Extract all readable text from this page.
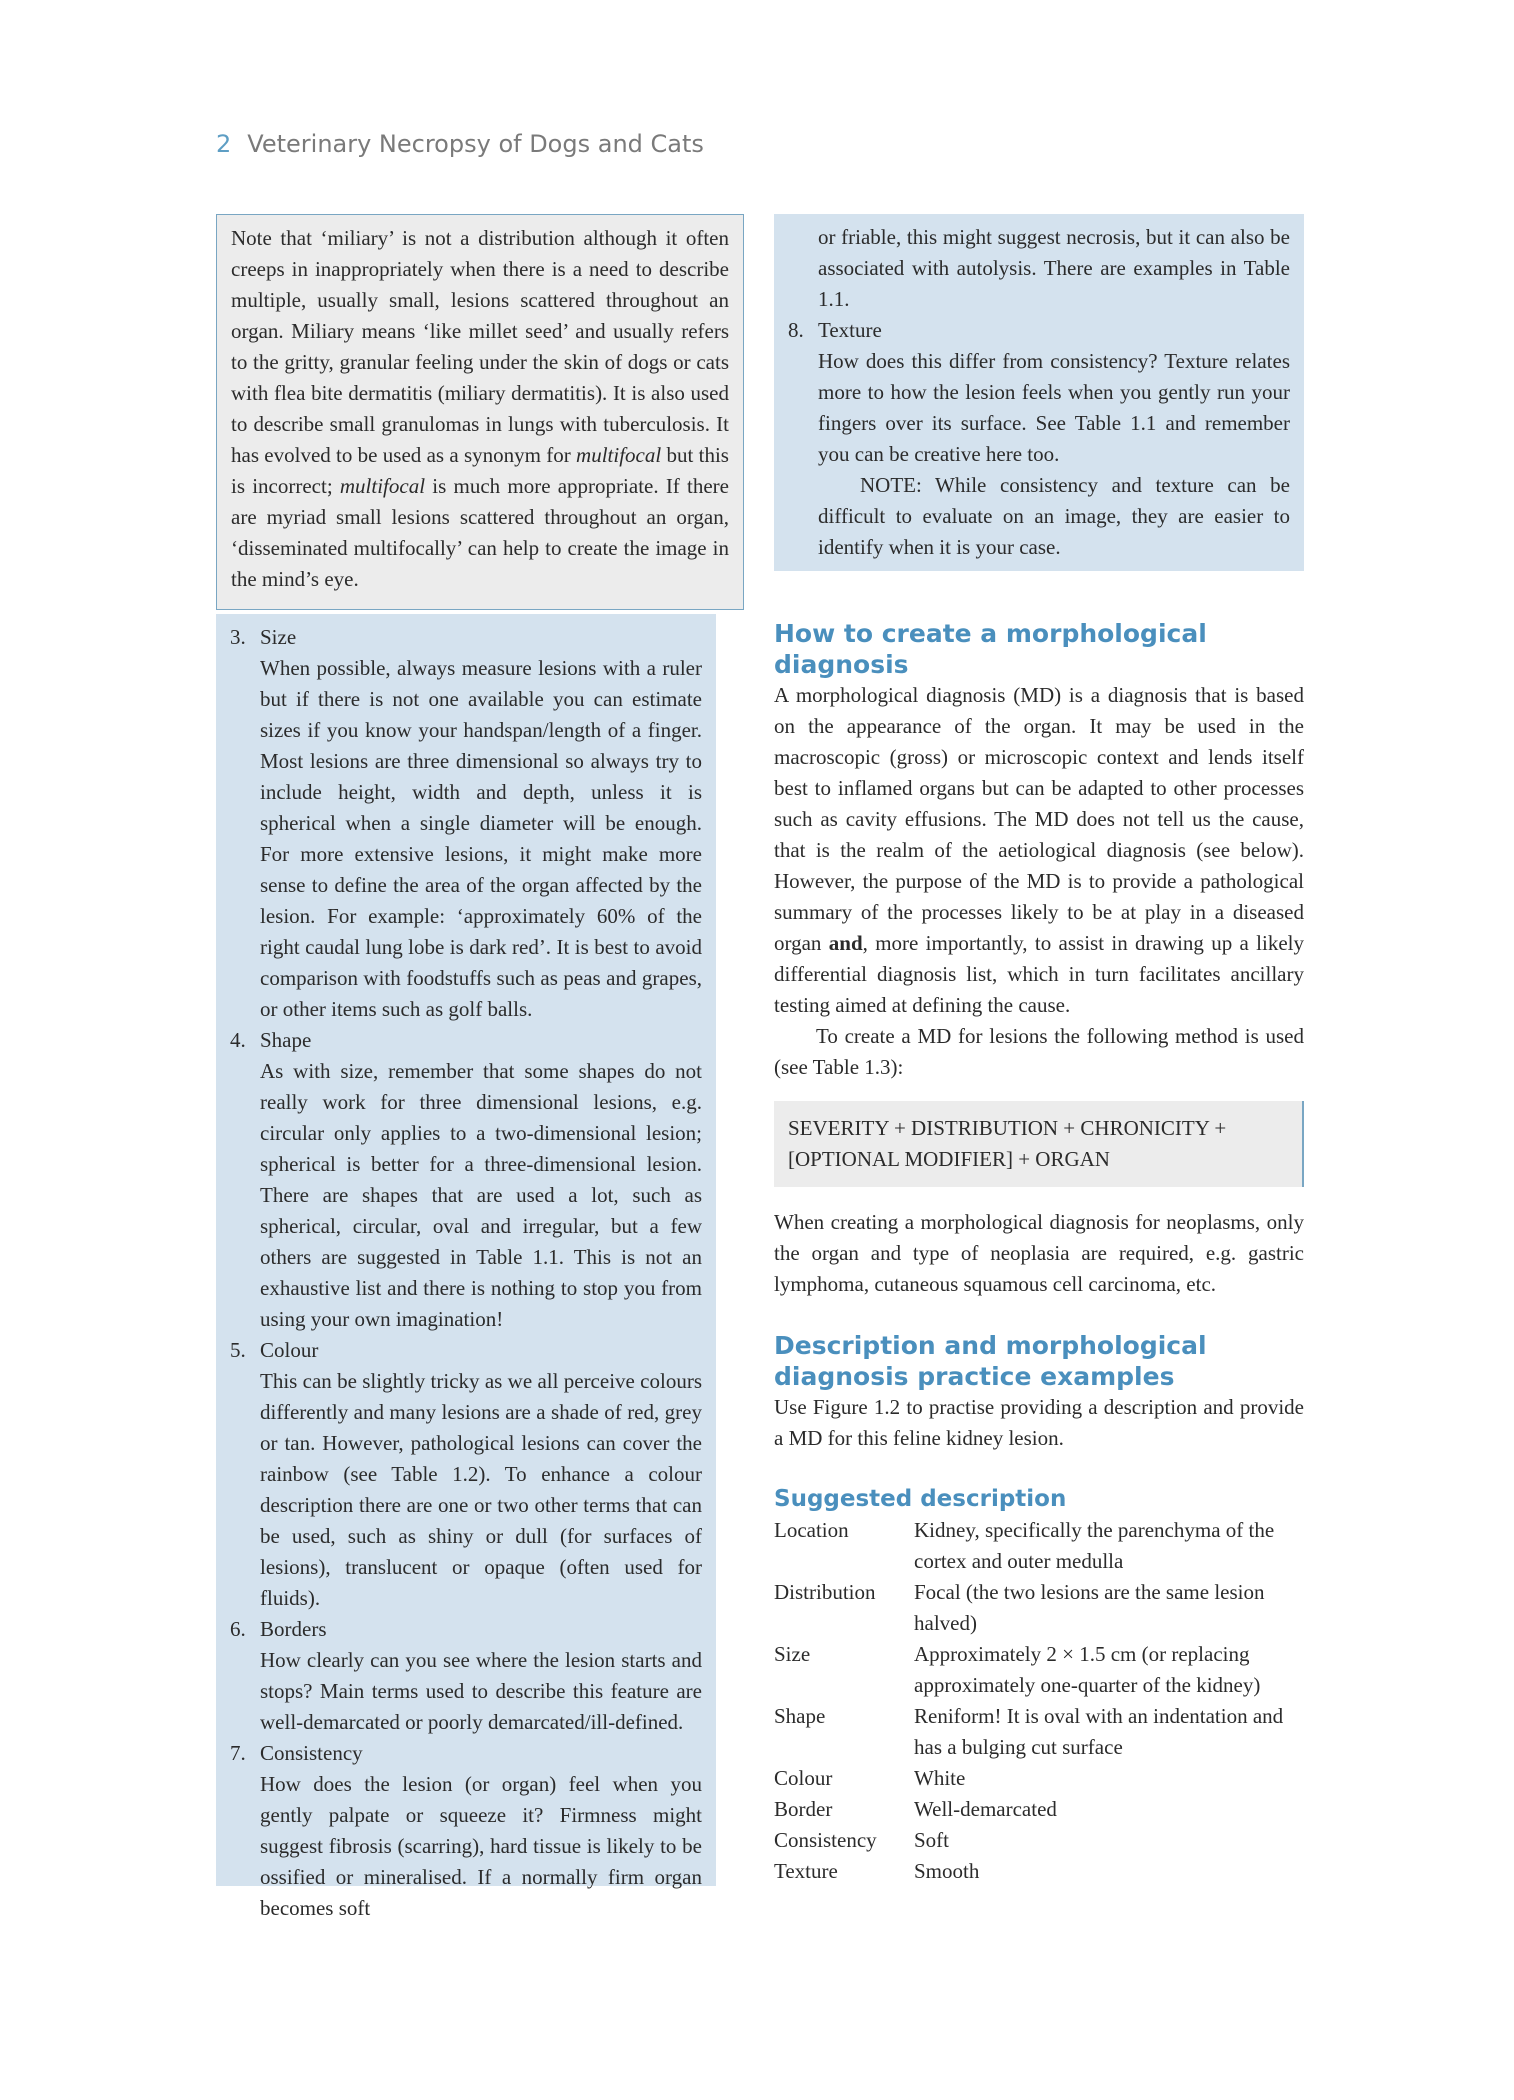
2 Veterinary Necropsy of Dogs and Cats

Note that ‘miliary’ is not a distribution although it often creeps in inappropriately when there is a need to describe multiple, usually small, lesions scattered throughout an organ. Miliary means ‘like millet seed’ and usually refers to the gritty, granular feeling under the skin of dogs or cats with flea bite dermatitis (miliary dermatitis). It is also used to describe small granulomas in lungs with tuberculosis. It has evolved to be used as a synonym for multifocal but this is incorrect; multifocal is much more appropriate. If there are myriad small lesions scattered throughout an organ, ‘disseminated multifocally’ can help to create the image in the mind’s eye.

3. Size

When possible, always measure lesions with a ruler but if there is not one available you can estimate sizes if you know your handspan/length of a finger. Most lesions are three dimensional so always try to include height, width and depth, unless it is spherical when a single diameter will be enough. For more extensive lesions, it might make more sense to define the area of the organ affected by the lesion. For example: ‘approximately 60% of the right caudal lung lobe is dark red’. It is best to avoid comparison with foodstuffs such as peas and grapes, or other items such as golf balls.

4. Shape

As with size, remember that some shapes do not really work for three dimensional lesions, e.g. circular only applies to a two-dimensional lesion; spherical is better for a three-dimensional lesion. There are shapes that are used a lot, such as spherical, circular, oval and irregular, but a few others are suggested in Table 1.1. This is not an exhaustive list and there is nothing to stop you from using your own imagination!

5. Colour

This can be slightly tricky as we all perceive colours differently and many lesions are a shade of red, grey or tan. However, pathological lesions can cover the rainbow (see Table 1.2). To enhance a colour description there are one or two other terms that can be used, such as shiny or dull (for surfaces of lesions), translucent or opaque (often used for fluids).

6. Borders

How clearly can you see where the lesion starts and stops? Main terms used to describe this feature are well-demarcated or poorly demarcated/ill-defined.

7. Consistency

How does the lesion (or organ) feel when you gently palpate or squeeze it? Firmness might suggest fibrosis (scarring), hard tissue is likely to be ossified or mineralised. If a normally firm organ becomes soft

or friable, this might suggest necrosis, but it can also be associated with autolysis. There are examples in Table 1.1.

8. Texture

How does this differ from consistency? Texture relates more to how the lesion feels when you gently run your fingers over its surface. See Table 1.1 and remember you can be creative here too.

NOTE: While consistency and texture can be difficult to evaluate on an image, they are easier to identify when it is your case.

How to create a morphological diagnosis

A morphological diagnosis (MD) is a diagnosis that is based on the appearance of the organ. It may be used in the macroscopic (gross) or microscopic context and lends itself best to inflamed organs but can be adapted to other processes such as cavity effusions. The MD does not tell us the cause, that is the realm of the aetiological diagnosis (see below). However, the purpose of the MD is to provide a pathological summary of the processes likely to be at play in a diseased organ and, more importantly, to assist in drawing up a likely differential diagnosis list, which in turn facilitates ancillary testing aimed at defining the cause.

To create a MD for lesions the following method is used (see Table 1.3):

SEVERITY + DISTRIBUTION + CHRONICITY + [OPTIONAL MODIFIER] + ORGAN

When creating a morphological diagnosis for neoplasms, only the organ and type of neoplasia are required, e.g. gastric lymphoma, cutaneous squamous cell carcinoma, etc.

Description and morphological diagnosis practice examples

Use Figure 1.2 to practise providing a description and provide a MD for this feline kidney lesion.

Suggested description
Location	Kidney, specifically the parenchyma of the cortex and outer medulla
Distribution	Focal (the two lesions are the same lesion halved)
Size	Approximately 2 × 1.5 cm (or replacing approximately one-quarter of the kidney)
Shape	Reniform! It is oval with an indentation and has a bulging cut surface
Colour	White
Border	Well-demarcated
Consistency	Soft
Texture	Smooth
